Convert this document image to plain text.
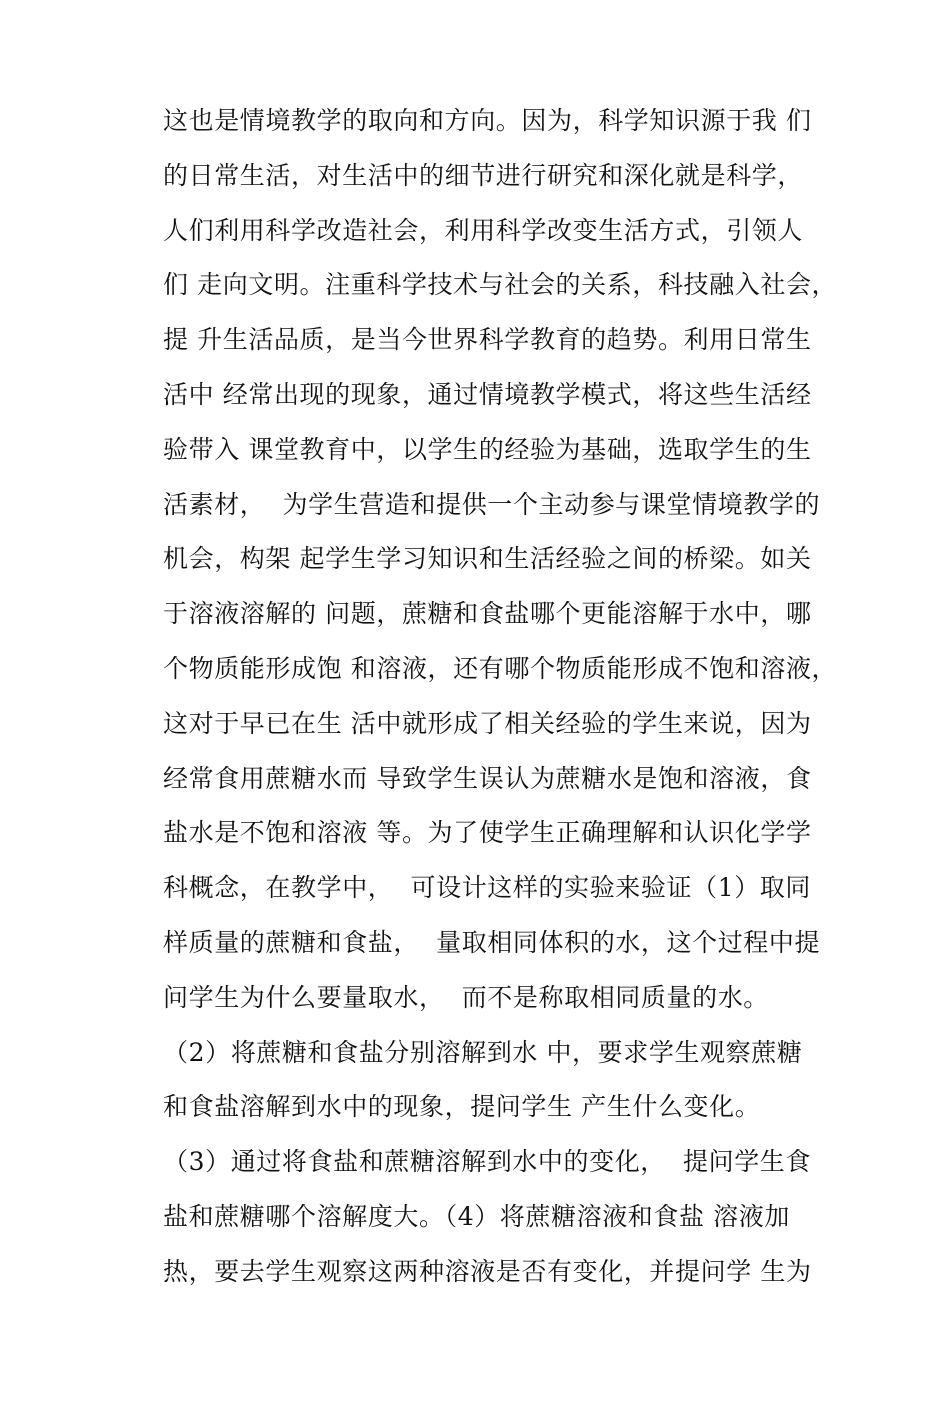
这也是情境教学的取向和方向。因为，科学知识源于我 们
的日常生活，对生活中的细节进行研究和深化就是科学，
人们利用科学改造社会，利用科学改变生活方式，引领人
们 走向文明。注重科学技术与社会的关系，科技融入社会，
提 升生活品质，是当今世界科学教育的趋势。利用日常生
活中 经常出现的现象，通过情境教学模式，将这些生活经
验带入 课堂教育中，以学生的经验为基础，选取学生的生
活素材，  为学生营造和提供一个主动参与课堂情境教学的
机会，构架 起学生学习知识和生活经验之间的桥梁。如关
于溶液溶解的 问题，蔗糖和食盐哪个更能溶解于水中，哪
个物质能形成饱 和溶液，还有哪个物质能形成不饱和溶液，
这对于早已在生 活中就形成了相关经验的学生来说，因为
经常食用蔗糖水而 导致学生误认为蔗糖水是饱和溶液，食
盐水是不饱和溶液 等。为了使学生正确理解和认识化学学
科概念，在教学中，  可设计这样的实验来验证（1）取同
样质量的蔗糖和食盐，  量取相同体积的水，这个过程中提
问学生为什么要量取水，  而不是称取相同质量的水。
（2）将蔗糖和食盐分别溶解到水 中，要求学生观察蔗糖
和食盐溶解到水中的现象，提问学生 产生什么变化。
（3）通过将食盐和蔗糖溶解到水中的变化，  提问学生食
盐和蔗糖哪个溶解度大。（4）将蔗糖溶液和食盐 溶液加
热，要去学生观察这两种溶液是否有变化，并提问学 生为
